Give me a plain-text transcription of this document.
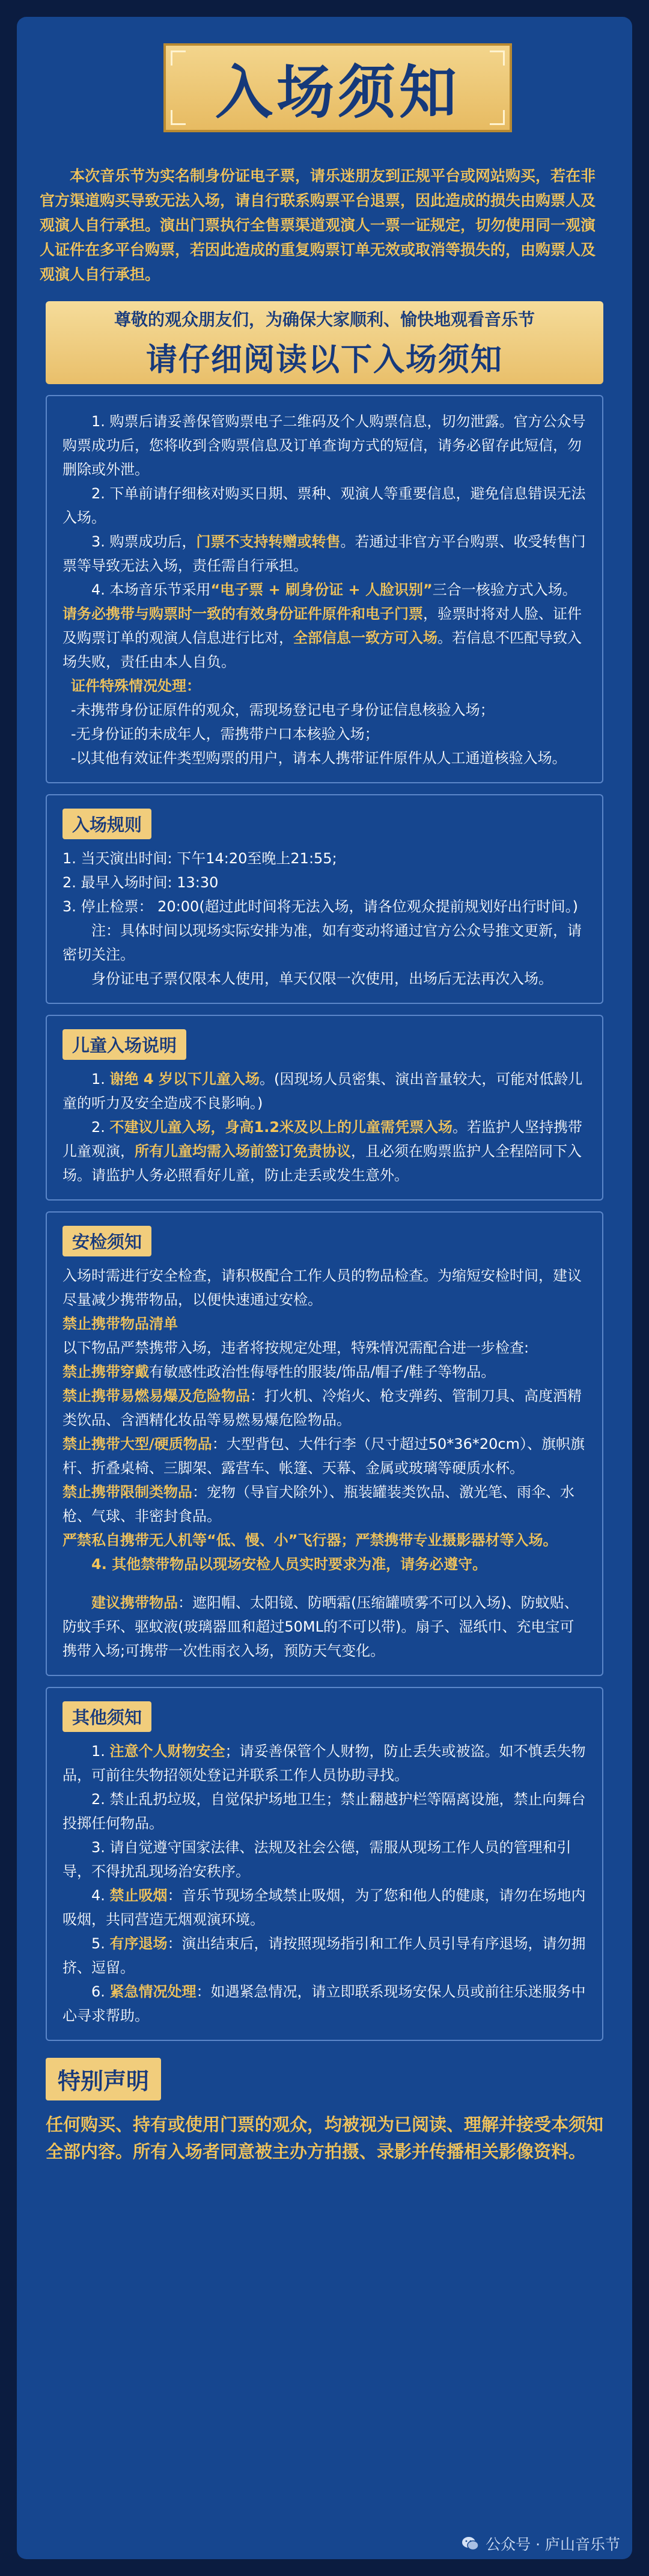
入场须知

本次音乐节为实名制身份证电子票，请乐迷朋友到正规平台或网站购买，若在非官方渠道购买导致无法入场，请自行联系购票平台退票，因此造成的损失由购票人及观演人自行承担。演出门票执行全售票渠道观演人一票一证规定，切勿使用同一观演人证件在多平台购票，若因此造成的重复购票订单无效或取消等损失的，由购票人及观演人自行承担。

尊敬的观众朋友们，为确保大家顺利、愉快地观看音乐节
请仔细阅读以下入场须知

1. 购票后请妥善保管购票电子二维码及个人购票信息，切勿泄露。官方公众号购票成功后，您将收到含购票信息及订单查询方式的短信，请务必留存此短信，勿删除或外泄。

2. 下单前请仔细核对购买日期、票种、观演人等重要信息，避免信息错误无法入场。

3. 购票成功后，门票不支持转赠或转售。若通过非官方平台购票、收受转售门票等导致无法入场，责任需自行承担。

4. 本场音乐节采用“电子票 + 刷身份证 + 人脸识别”三合一核验方式入场。请务必携带与购票时一致的有效身份证件原件和电子门票，验票时将对人脸、证件及购票订单的观演人信息进行比对，全部信息一致方可入场。若信息不匹配导致入场失败，责任由本人自负。

证件特殊情况处理：

-未携带身份证原件的观众，需现场登记电子身份证信息核验入场；

-无身份证的未成年人，需携带户口本核验入场；

-以其他有效证件类型购票的用户，请本人携带证件原件从人工通道核验入场。

入场规则

1. 当天演出时间: 下午14:20至晚上21:55;

2. 最早入场时间: 13:30

3. 停止检票： 20:00(超过此时间将无法入场，请各位观众提前规划好出行时间。)

注：具体时间以现场实际安排为准，如有变动将通过官方公众号推文更新，请密切关注。

身份证电子票仅限本人使用，单天仅限一次使用，出场后无法再次入场。

儿童入场说明

1. 谢绝 4 岁以下儿童入场。(因现场人员密集、演出音量较大，可能对低龄儿童的听力及安全造成不良影响。)

2. 不建议儿童入场，身高1.2米及以上的儿童需凭票入场。若监护人坚持携带儿童观演，所有儿童均需入场前签订免责协议，且必须在购票监护人全程陪同下入场。请监护人务必照看好儿童，防止走丢或发生意外。

安检须知

入场时需进行安全检查，请积极配合工作人员的物品检查。为缩短安检时间，建议尽量减少携带物品，以便快速通过安检。

禁止携带物品清单

以下物品严禁携带入场，违者将按规定处理，特殊情况需配合进一步检查:

禁止携带穿戴有敏感性政治性侮辱性的服装/饰品/帽子/鞋子等物品。

禁止携带易燃易爆及危险物品：打火机、冷焰火、枪支弹药、管制刀具、高度酒精类饮品、含酒精化妆品等易燃易爆危险物品。

禁止携带大型/硬质物品：大型背包、大件行李（尺寸超过50*36*20cm）、旗帜旗杆、折叠桌椅、三脚架、露营车、帐篷、天幕、金属或玻璃等硬质水杯。

禁止携带限制类物品：宠物（导盲犬除外）、瓶装罐装类饮品、激光笔、雨伞、水枪、气球、非密封食品。

严禁私自携带无人机等“低、慢、小”飞行器；严禁携带专业摄影器材等入场。

4. 其他禁带物品以现场安检人员实时要求为准，请务必遵守。

建议携带物品：遮阳帽、太阳镜、防晒霜(压缩罐喷雾不可以入场)、防蚊贴、防蚊手环、驱蚊液(玻璃器皿和超过50ML的不可以带)。扇子、湿纸巾、充电宝可携带入场;可携带一次性雨衣入场，预防天气变化。

其他须知

1. 注意个人财物安全；请妥善保管个人财物，防止丢失或被盗。如不慎丢失物品，可前往失物招领处登记并联系工作人员协助寻找。

2. 禁止乱扔垃圾，自觉保护场地卫生；禁止翻越护栏等隔离设施，禁止向舞台投掷任何物品。

3. 请自觉遵守国家法律、法规及社会公德，需服从现场工作人员的管理和引导，不得扰乱现场治安秩序。

4. 禁止吸烟：音乐节现场全域禁止吸烟，为了您和他人的健康，请勿在场地内吸烟，共同营造无烟观演环境。

5. 有序退场：演出结束后，请按照现场指引和工作人员引导有序退场，请勿拥挤、逗留。

6. 紧急情况处理：如遇紧急情况，请立即联系现场安保人员或前往乐迷服务中心寻求帮助。

特别声明
任何购买、持有或使用门票的观众，均被视为已阅读、理解并接受本须知全部内容。所有入场者同意被主办方拍摄、录影并传播相关影像资料。
公众号 · 庐山音乐节
